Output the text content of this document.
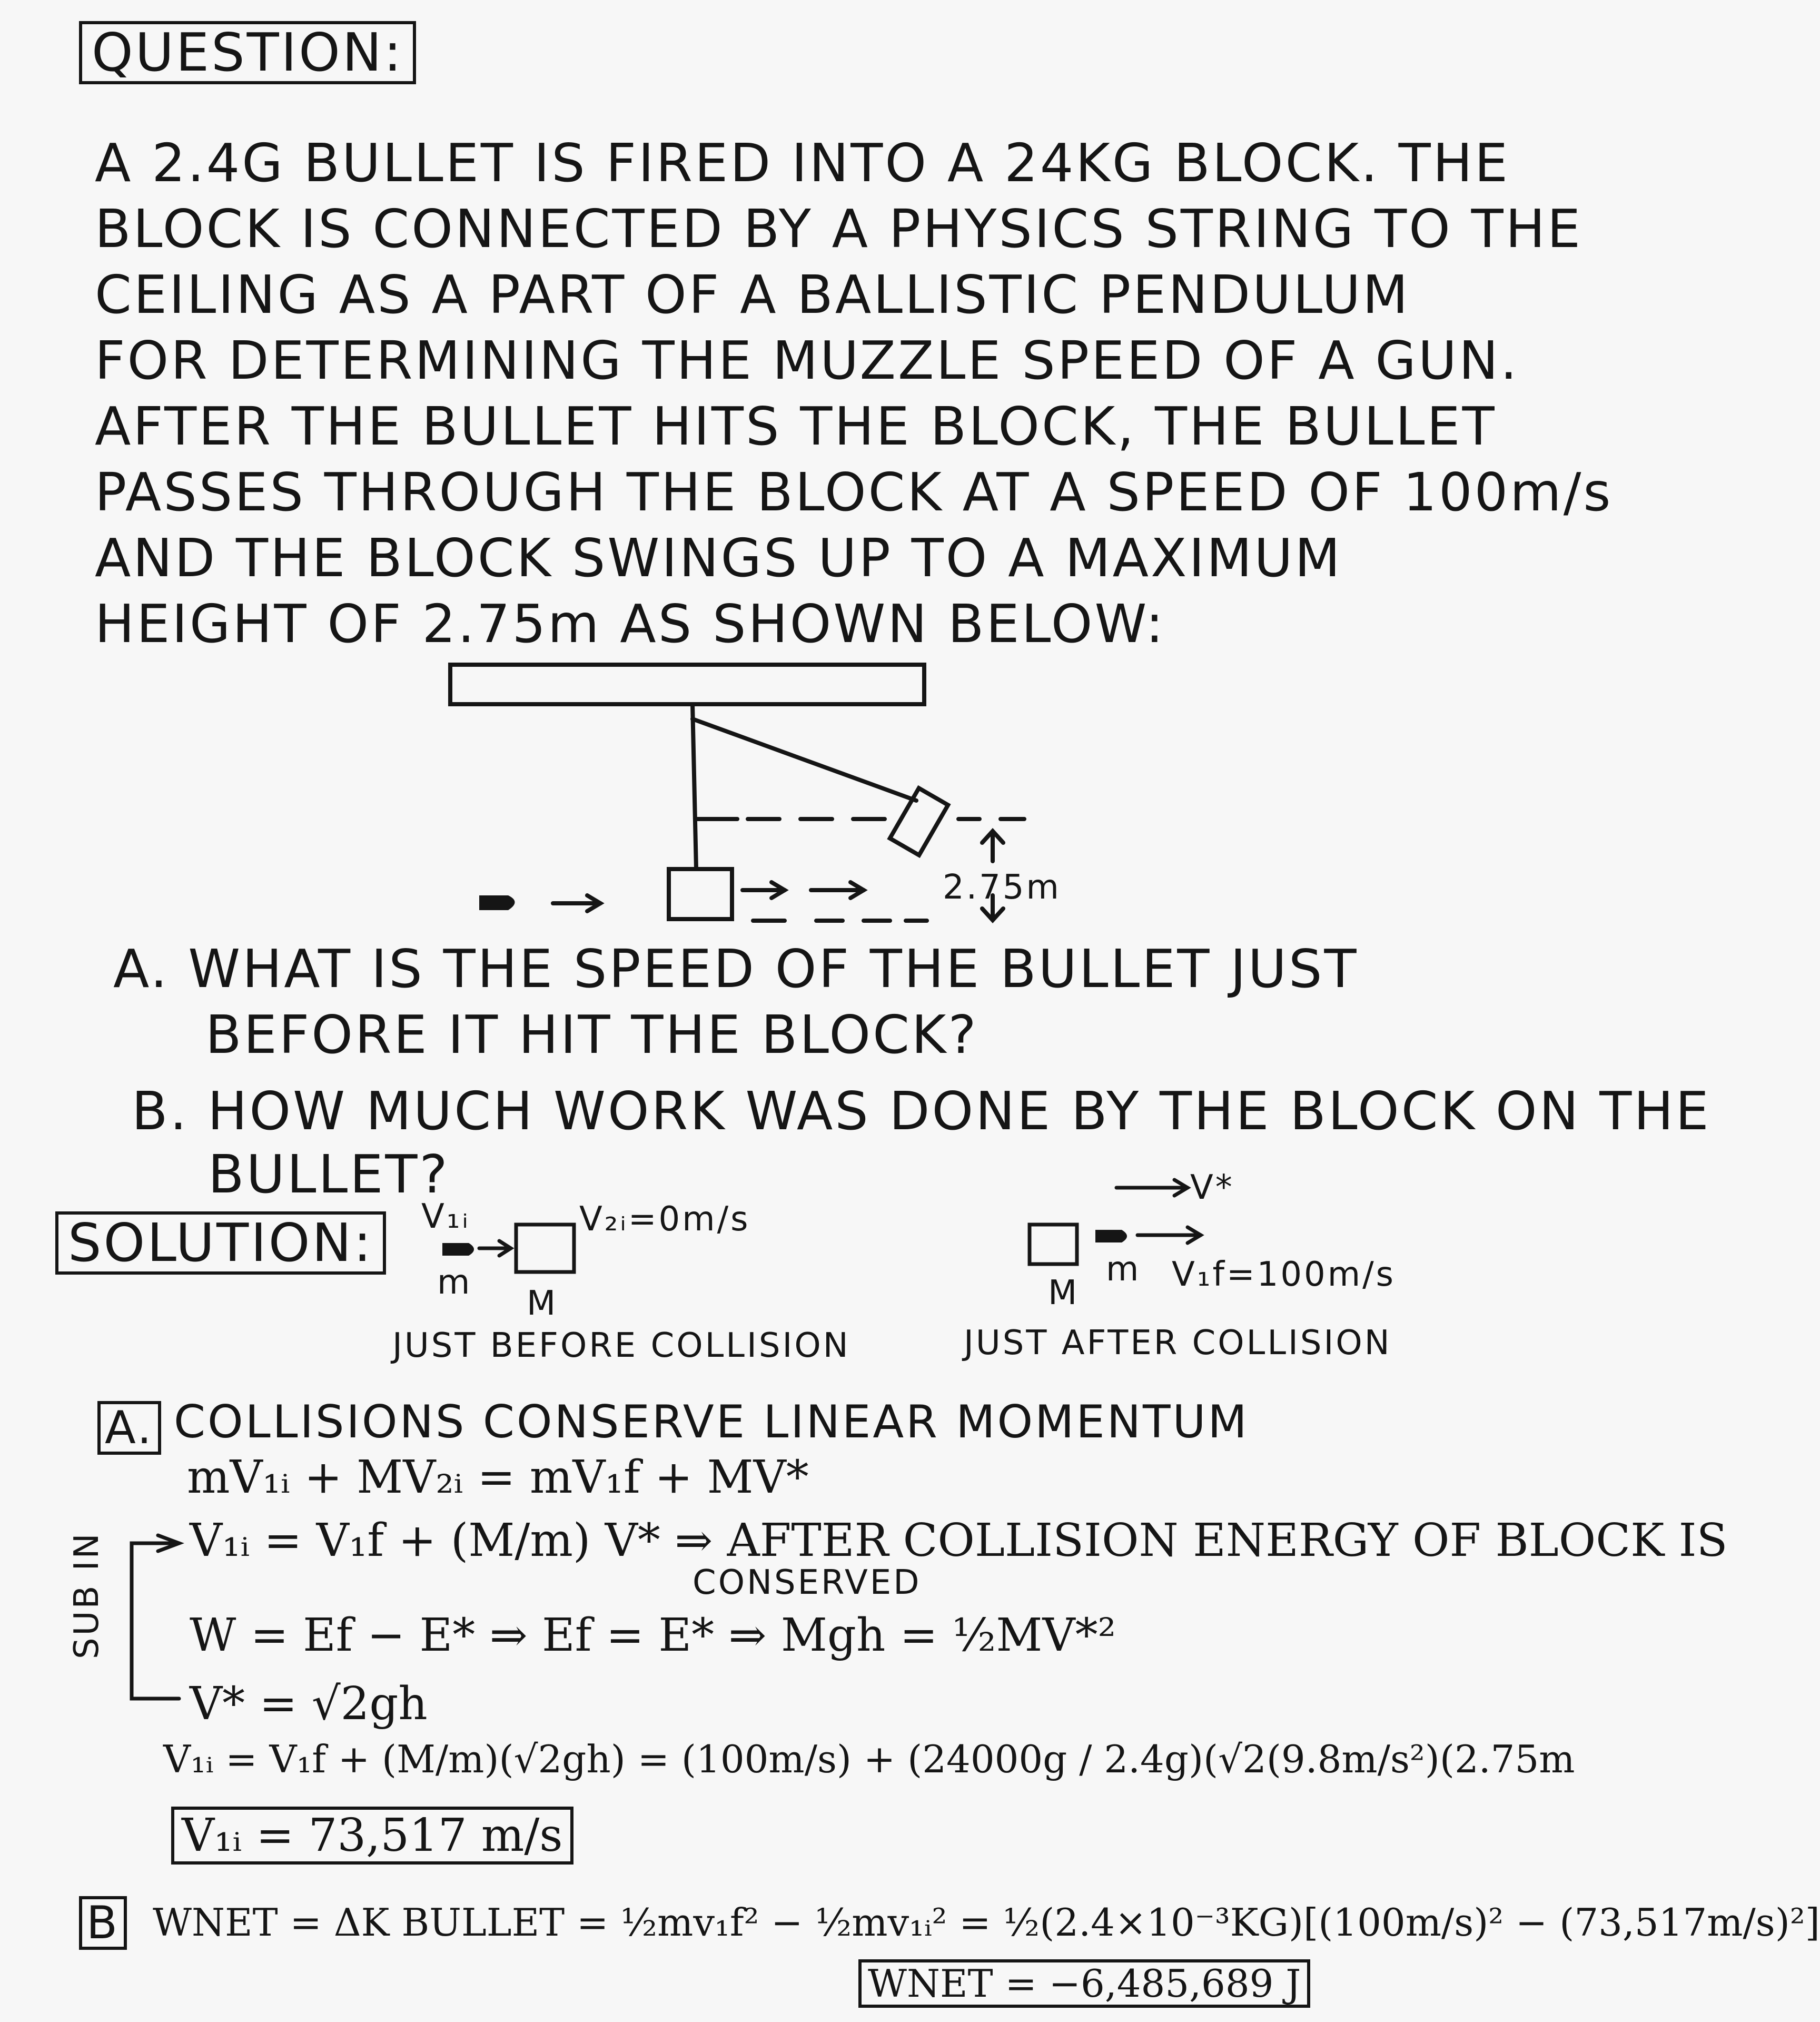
QUESTION:
A 2.4G BULLET IS FIRED INTO A 24KG BLOCK. THE
BLOCK IS CONNECTED BY A PHYSICS STRING TO THE
CEILING AS A PART OF A BALLISTIC PENDULUM
FOR DETERMINING THE MUZZLE SPEED OF A GUN.
AFTER THE BULLET HITS THE BLOCK, THE BULLET
PASSES THROUGH THE BLOCK AT A SPEED OF 100m/s
AND THE BLOCK SWINGS UP TO A MAXIMUM
HEIGHT OF 2.75m AS SHOWN BELOW:
2.75m
A. WHAT IS THE SPEED OF THE BULLET JUST
BEFORE IT HIT THE BLOCK?
B. HOW MUCH WORK WAS DONE BY THE BLOCK ON THE
BULLET?
SOLUTION:	V₁ᵢ
m
M
V₂ᵢ=0m/s
JUST BEFORE COLLISION
V*
m
M	V₁f=100m/s
JUST AFTER COLLISION
A. COLLISIONS CONSERVE LINEAR MOMENTUM
mV₁ᵢ + MV₂ᵢ = mV₁f + MV*
V₁ᵢ = V₁f + (M/m) V* ⇒ AFTER COLLISION ENERGY OF BLOCK IS
CONSERVED
W = Ef − E* ⇒ Ef = E* ⇒ Mgh = ½MV*²
V* = √2gh
SUB IN
V₁ᵢ = V₁f + (M/m)(√2gh) = (100m/s) + (24000g / 2.4g)(√2(9.8m/s²)(2.75m
V₁ᵢ = 73,517 m/s
B WNET = ΔK BULLET = ½mv₁f² − ½mv₁ᵢ² = ½(2.4×10⁻³KG)[(100m/s)² − (73,517m/s)²]
WNET = −6,485,689 J
